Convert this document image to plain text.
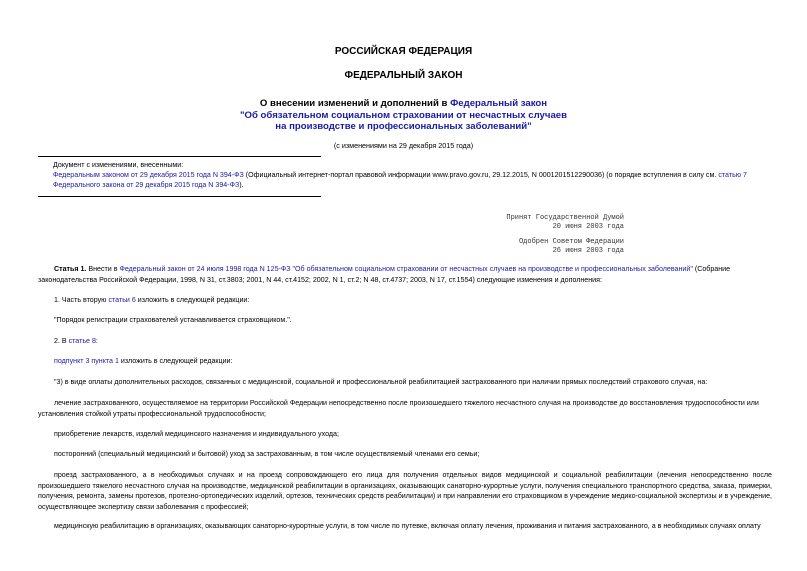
РОССИЙСКАЯ ФЕДЕРАЦИЯ
ФЕДЕРАЛЬНЫЙ ЗАКОН
О внесении изменений и дополнений в Федеральный закон
"Об обязательном социальном страховании от несчастных случаев
на производстве и профессиональных заболеваний"
(с изменениями на 29 декабря 2015 года)
Документ с изменениями, внесенными:
Федеральным законом от 29 декабря 2015 года N 394-ФЗ (Официальный интернет-портал правовой информации www.pravo.gov.ru, 29.12.2015, N 0001201512290036) (о порядке вступления в силу см. статью 7
Федерального закона от 29 декабря 2015 года N 394-ФЗ).
Принят Государственной Думой
20 июня 2003 года
Одобрен Советом Федерации
26 июня 2003 года
Статья 1. Внести в Федеральный закон от 24 июля 1998 года N 125-ФЗ "Об обязательном социальном страховании от несчастных случаев на производстве и профессиональных заболеваний" (Собрание законодательства Российской Федерации, 1998, N 31, ст.3803; 2001, N 44, ст.4152; 2002, N 1, ст.2; N 48, ст.4737; 2003, N 17, ст.1554) следующие изменения и дополнения:
1. Часть вторую статьи 6 изложить в следующей редакции:
"Порядок регистрации страхователей устанавливается страховщиком.".
2. В статье 8:
подпункт 3 пункта 1 изложить в следующей редакции:
"3) в виде оплаты дополнительных расходов, связанных с медицинской, социальной и профессиональной реабилитацией застрахованного при наличии прямых последствий страхового случая, на:
лечение застрахованного, осуществляемое на территории Российской Федерации непосредственно после произошедшего тяжелого несчастного случая на производстве до восстановления трудоспособности или установления стойкой утраты профессиональной трудоспособности;
приобретение лекарств, изделий медицинского назначения и индивидуального ухода;
посторонний (специальный медицинский и бытовой) уход за застрахованным, в том числе осуществляемый членами его семьи;
проезд застрахованного, а в необходимых случаях и на проезд сопровождающего его лица для получения отдельных видов медицинской и социальной реабилитации (лечения непосредственно после произошедшего тяжелого несчастного случая на производстве, медицинской реабилитации в организациях, оказывающих санаторно-курортные услуги, получения специального транспортного средства, заказа, примерки, получения, ремонта, замены протезов, протезно-ортопедических изделий, ортезов, технических средств реабилитации) и при направлении его страховщиком в учреждение медико-социальной экспертизы и в учреждение, осуществляющее экспертизу связи заболевания с профессией;
медицинскую реабилитацию в организациях, оказывающих санаторно-курортные услуги, в том числе по путевке, включая оплату лечения, проживания и питания застрахованного, а в необходимых случаях оплату
